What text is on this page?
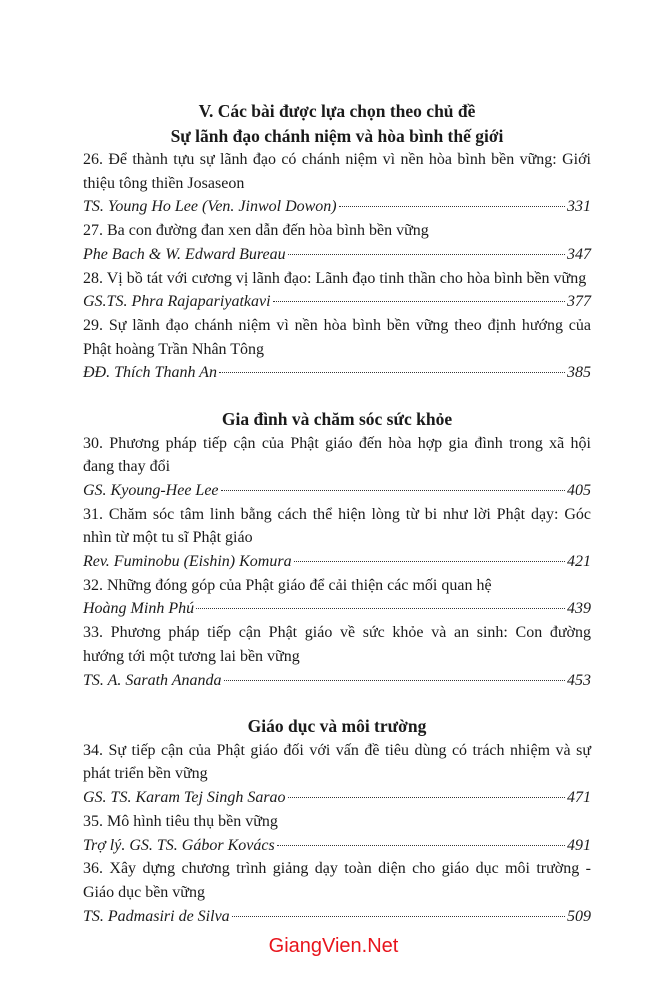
V. Các bài được lựa chọn theo chủ đề
Sự lãnh đạo chánh niệm và hòa bình thế giới
26. Để thành tựu sự lãnh đạo có chánh niệm vì nền hòa bình bền vững: Giới
thiệu tông thiền Josaseon
TS. Young Ho Lee (Ven. Jinwol Dowon)	331
27. Ba con đường đan xen dẫn đến hòa bình bền vững
Phe Bach & W. Edward Bureau	347
28. Vị bồ tát với cương vị lãnh đạo: Lãnh đạo tinh thần cho hòa bình bền vững
GS.TS. Phra Rajapariyatkavi	377
29. Sự lãnh đạo chánh niệm vì nền hòa bình bền vững theo định hướng của
Phật hoàng Trần Nhân Tông
ĐĐ. Thích Thanh An	385
Gia đình và chăm sóc sức khỏe
30. Phương pháp tiếp cận của Phật giáo đến hòa hợp gia đình trong xã hội
đang thay đổi
GS. Kyoung-Hee Lee	405
31. Chăm sóc tâm linh bằng cách thể hiện lòng từ bi như lời Phật dạy: Góc
nhìn từ một tu sĩ Phật giáo
Rev. Fuminobu (Eishin) Komura	421
32. Những đóng góp của Phật giáo để cải thiện các mối quan hệ
Hoàng Minh Phú	439
33. Phương pháp tiếp cận Phật giáo về sức khỏe và an sinh: Con đường
hướng tới một tương lai bền vững
TS. A. Sarath Ananda	453
Giáo dục và môi trường
34. Sự tiếp cận của Phật giáo đối với vấn đề tiêu dùng có trách nhiệm và sự
phát triển bền vững
GS. TS. Karam Tej Singh Sarao	471
35. Mô hình tiêu thụ bền vững
Trợ lý. GS. TS. Gábor Kovács	491
36. Xây dựng chương trình giảng dạy toàn diện cho giáo dục môi trường -
Giáo dục bền vững
TS. Padmasiri de Silva	509
GiangVien.Net
